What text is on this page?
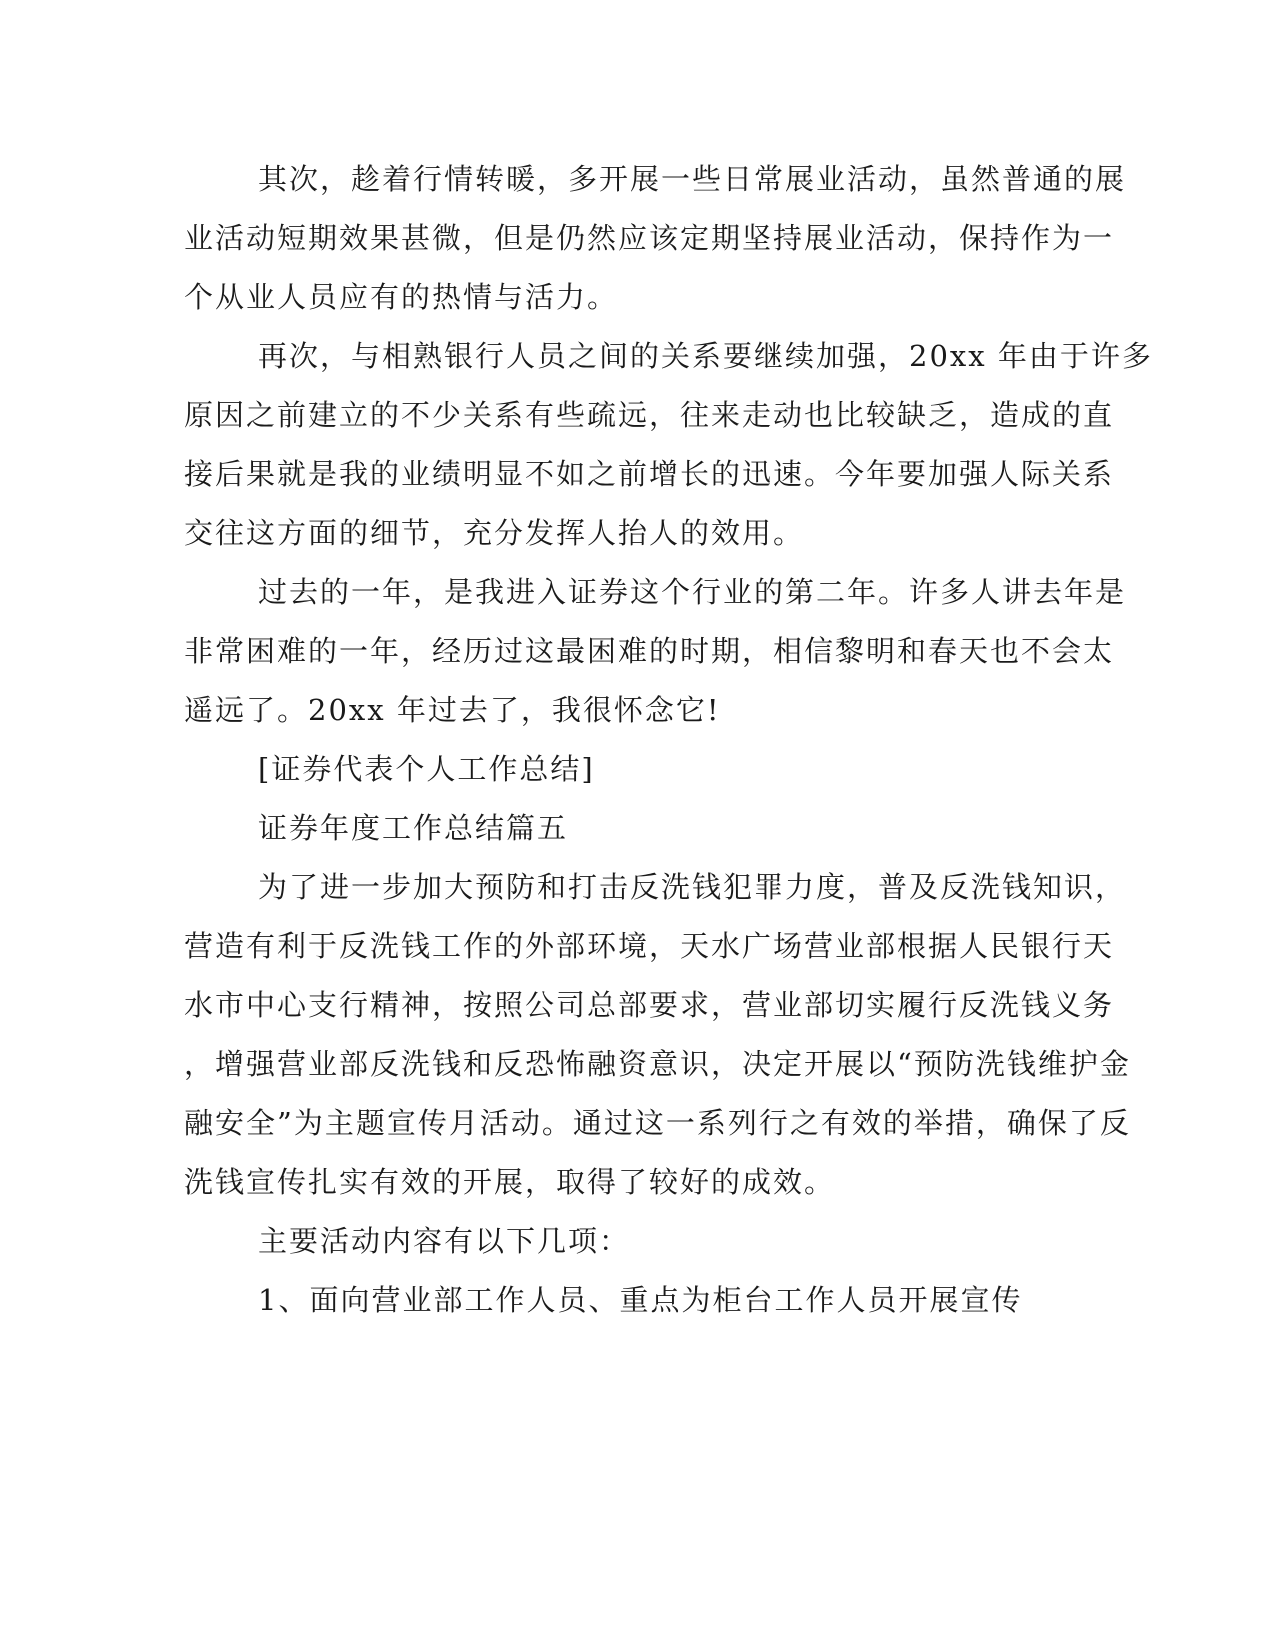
其次，趁着行情转暖，多开展一些日常展业活动，虽然普通的展
业活动短期效果甚微，但是仍然应该定期坚持展业活动，保持作为一
个从业人员应有的热情与活力。
再次，与相熟银行人员之间的关系要继续加强，20xx 年由于许多
原因之前建立的不少关系有些疏远，往来走动也比较缺乏，造成的直
接后果就是我的业绩明显不如之前增长的迅速。今年要加强人际关系
交往这方面的细节，充分发挥人抬人的效用。
过去的一年，是我进入证券这个行业的第二年。许多人讲去年是
非常困难的一年，经历过这最困难的时期，相信黎明和春天也不会太
遥远了。20xx 年过去了，我很怀念它!
[证券代表个人工作总结]
证券年度工作总结篇五
为了进一步加大预防和打击反洗钱犯罪力度，普及反洗钱知识，
营造有利于反洗钱工作的外部环境，天水广场营业部根据人民银行天
水市中心支行精神，按照公司总部要求，营业部切实履行反洗钱义务
，增强营业部反洗钱和反恐怖融资意识，决定开展以“预防洗钱维护金
融安全”为主题宣传月活动。通过这一系列行之有效的举措，确保了反
洗钱宣传扎实有效的开展，取得了较好的成效。
主要活动内容有以下几项：
1、面向营业部工作人员、重点为柜台工作人员开展宣传
